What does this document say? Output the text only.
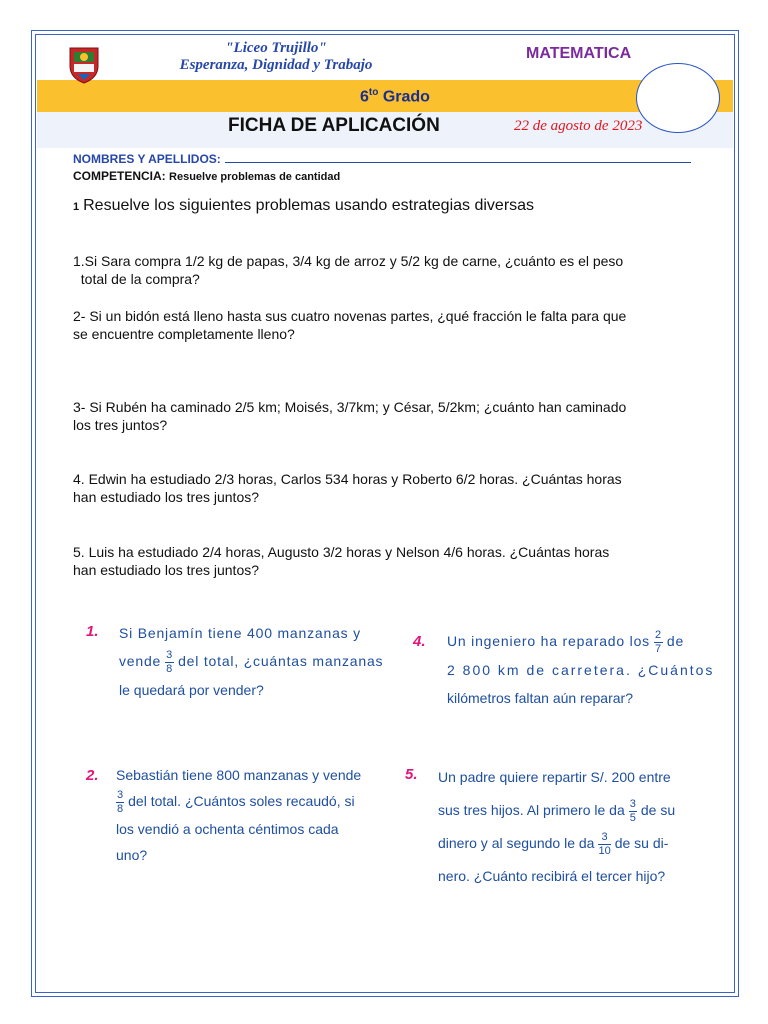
"Liceo Trujillo"
Esperanza, Dignidad y Trabajo
MATEMATICA
$6^{to}$ Grado
FICHA DE APLICACIÓN	22 de agosto de 2023
NOMBRES Y APELLIDOS:
COMPETENCIA: Resuelve problemas de cantidad
1 Resuelve los siguientes problemas usando estrategias diversas
1.Si Sara compra 1/2 kg de papas, 3/4 kg de arroz y 5/2 kg de carne, ¿cuánto es el peso
total de la compra?
2- Si un bidón está lleno hasta sus cuatro novenas partes, ¿qué fracción le falta para que
se encuentre completamente lleno?
3- Si Rubén ha caminado 2/5 km; Moisés, 3/7km; y César, 5/2km; ¿cuánto han caminado
los tres juntos?
4. Edwin ha estudiado 2/3 horas, Carlos 534 horas y Roberto 6/2 horas. ¿Cuántas horas
han estudiado los tres juntos?
5. Luis ha estudiado 2/4 horas, Augusto 3/2 horas y Nelson 4/6 horas. ¿Cuántas horas
han estudiado los tres juntos?
1. Si Benjamín tiene 400 manzanas y
vende $\frac{3}{8}$ del total, ¿cuántas manzanas
le quedará por vender?
4. Un ingeniero ha reparado los $\frac{2}{7}$ de
2 800 km de carretera. ¿Cuántos
kilómetros faltan aún reparar?
2. Sebastián tiene 800 manzanas y vende
$\frac{3}{8}$ del total. ¿Cuántos soles recaudó, si
los vendió a ochenta céntimos cada
uno?
5. Un padre quiere repartir S/. 200 entre
sus tres hijos. Al primero le da $\frac{3}{5}$ de su
dinero y al segundo le da $\frac{3}{10}$ de su di-
nero. ¿Cuánto recibirá el tercer hijo?
